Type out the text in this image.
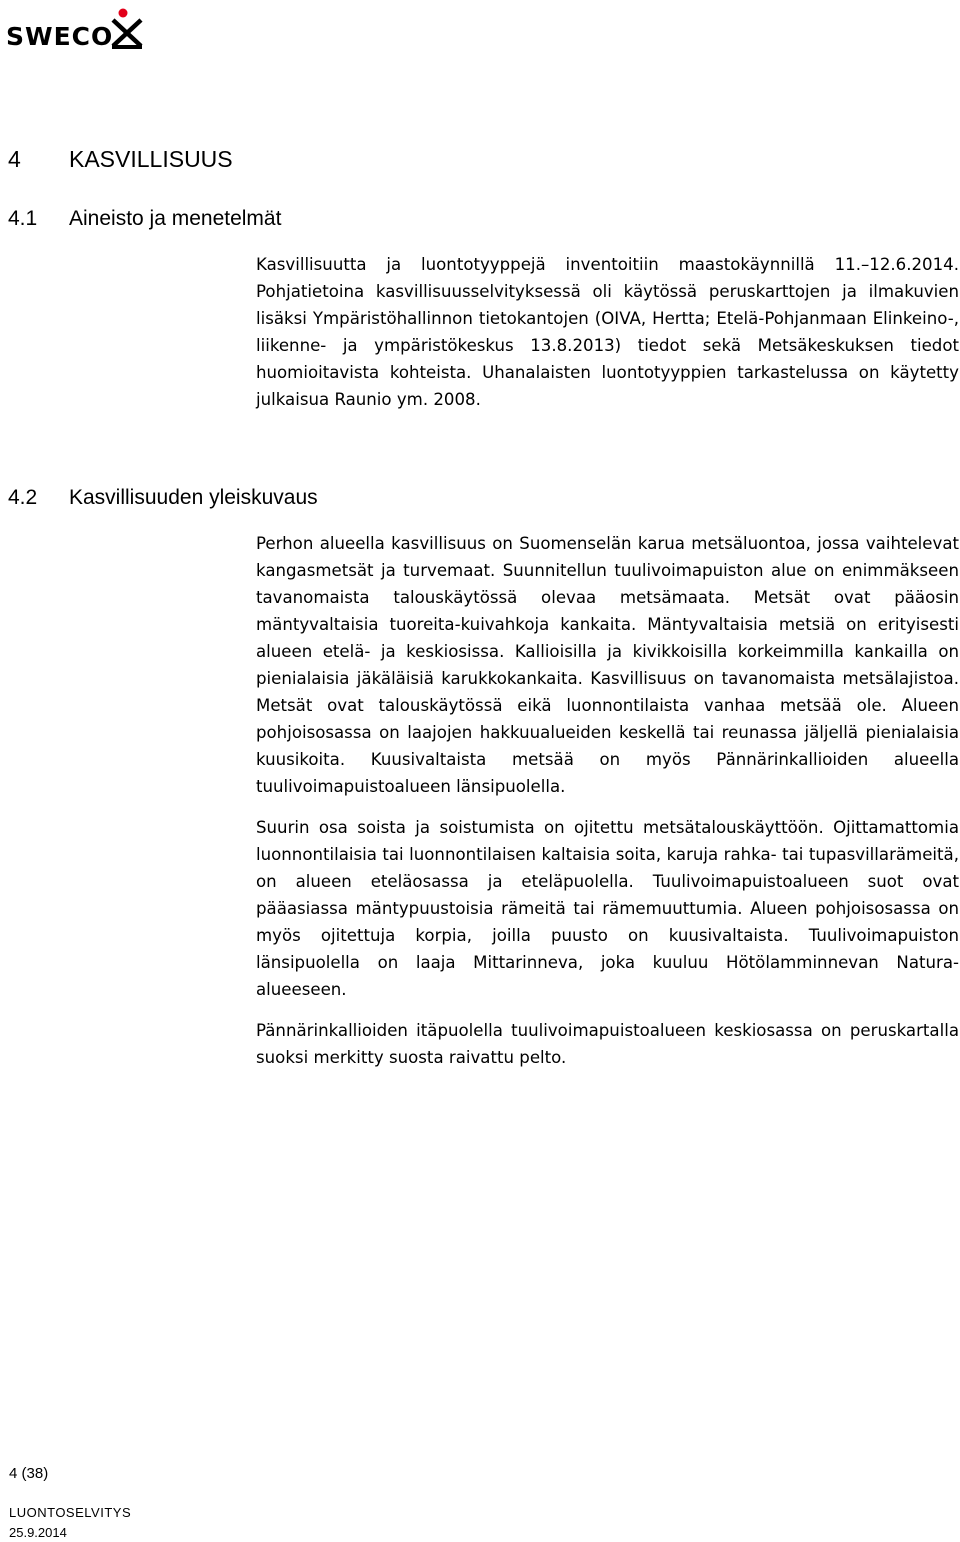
SWECO
4 KASVILLISUUS
4.1 Aineisto ja menetelmät

Kasvillisuutta ja luontotyyppejä inventoitiin maastokäynnillä 11.–12.6.2014. Pohjatietoina kasvillisuusselvityksessä oli käytössä peruskarttojen ja ilmakuvien lisäksi Ympäristöhallinnon tietokantojen (OIVA, Hertta; Etelä-Pohjanmaan Elinkeino-, liikenne- ja ympäristökeskus 13.8.2013) tiedot sekä Metsäkeskuksen tiedot huomioitavista kohteista. Uhanalaisten luontotyyppien tarkastelussa on käytetty julkaisua Raunio ym. 2008.

4.2 Kasvillisuuden yleiskuvaus

Perhon alueella kasvillisuus on Suomenselän karua metsäluontoa, jossa vaihtelevat kangasmetsät ja turvemaat. Suunnitellun tuulivoimapuiston alue on enimmäkseen tavanomaista talouskäytössä olevaa metsämaata. Metsät ovat pääosin mäntyvaltaisia tuoreita-kuivahkoja kankaita. Mäntyvaltaisia metsiä on erityisesti alueen etelä- ja keskiosissa. Kallioisilla ja kivikkoisilla korkeimmilla kankailla on pienialaisia jäkäläisiä karukkokankaita. Kasvillisuus on tavanomaista metsälajistoa. Metsät ovat talouskäytössä eikä luonnontilaista vanhaa metsää ole. Alueen pohjoisosassa on laajojen hakkuualueiden keskellä tai reunassa jäljellä pienialaisia kuusikoita. Kuusivaltaista metsää on myös Pännärinkallioiden alueella tuulivoimapuistoalueen länsipuolella.

Suurin osa soista ja soistumista on ojitettu metsätalouskäyttöön. Ojittamattomia luonnontilaisia tai luonnontilaisen kaltaisia soita, karuja rahka- tai tupasvillarämeitä, on alueen eteläosassa ja eteläpuolella. Tuulivoimapuistoalueen suot ovat pääasiassa mäntypuustoisia rämeitä tai rämemuuttumia. Alueen pohjoisosassa on myös ojitettuja korpia, joilla puusto on kuusivaltaista. Tuulivoimapuiston länsipuolella on laaja Mittarinneva, joka kuuluu Hötölamminnevan Natura-alueeseen.

Pännärinkallioiden itäpuolella tuulivoimapuistoalueen keskiosassa on peruskartalla suoksi merkitty suosta raivattu pelto.

4 (38)
LUONTOSELVITYS
25.9.2014
